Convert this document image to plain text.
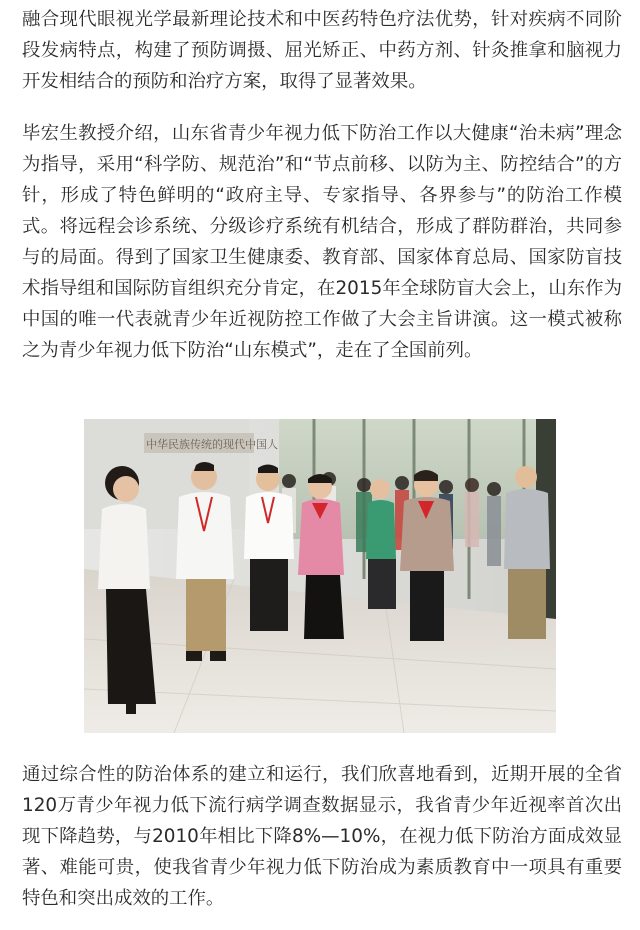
融合现代眼视光学最新理论技术和中医药特色疗法优势，针对疾病不同阶段发病特点，构建了预防调摄、屈光矫正、中药方剂、针灸推拿和脑视力开发相结合的预防和治疗方案，取得了显著效果。

毕宏生教授介绍，山东省青少年视力低下防治工作以大健康“治未病”理念为指导，采用“科学防、规范治”和“节点前移、以防为主、防控结合”的方针，形成了特色鲜明的“政府主导、专家指导、各界参与”的防治工作模式。将远程会诊系统、分级诊疗系统有机结合，形成了群防群治，共同参与的局面。得到了国家卫生健康委、教育部、国家体育总局、国家防盲技术指导组和国际防盲组织充分肯定，在2015年全球防盲大会上，山东作为中国的唯一代表就青少年近视防控工作做了大会主旨讲演。这一模式被称之为青少年视力低下防治“山东模式”，走在了全国前列。

中华民族传统的现代中国人

通过综合性的防治体系的建立和运行，我们欣喜地看到，近期开展的全省120万青少年视力低下流行病学调查数据显示，我省青少年近视率首次出现下降趋势，与2010年相比下降8%—10%，在视力低下防治方面成效显著、难能可贵，使我省青少年视力低下防治成为素质教育中一项具有重要特色和突出成效的工作。
